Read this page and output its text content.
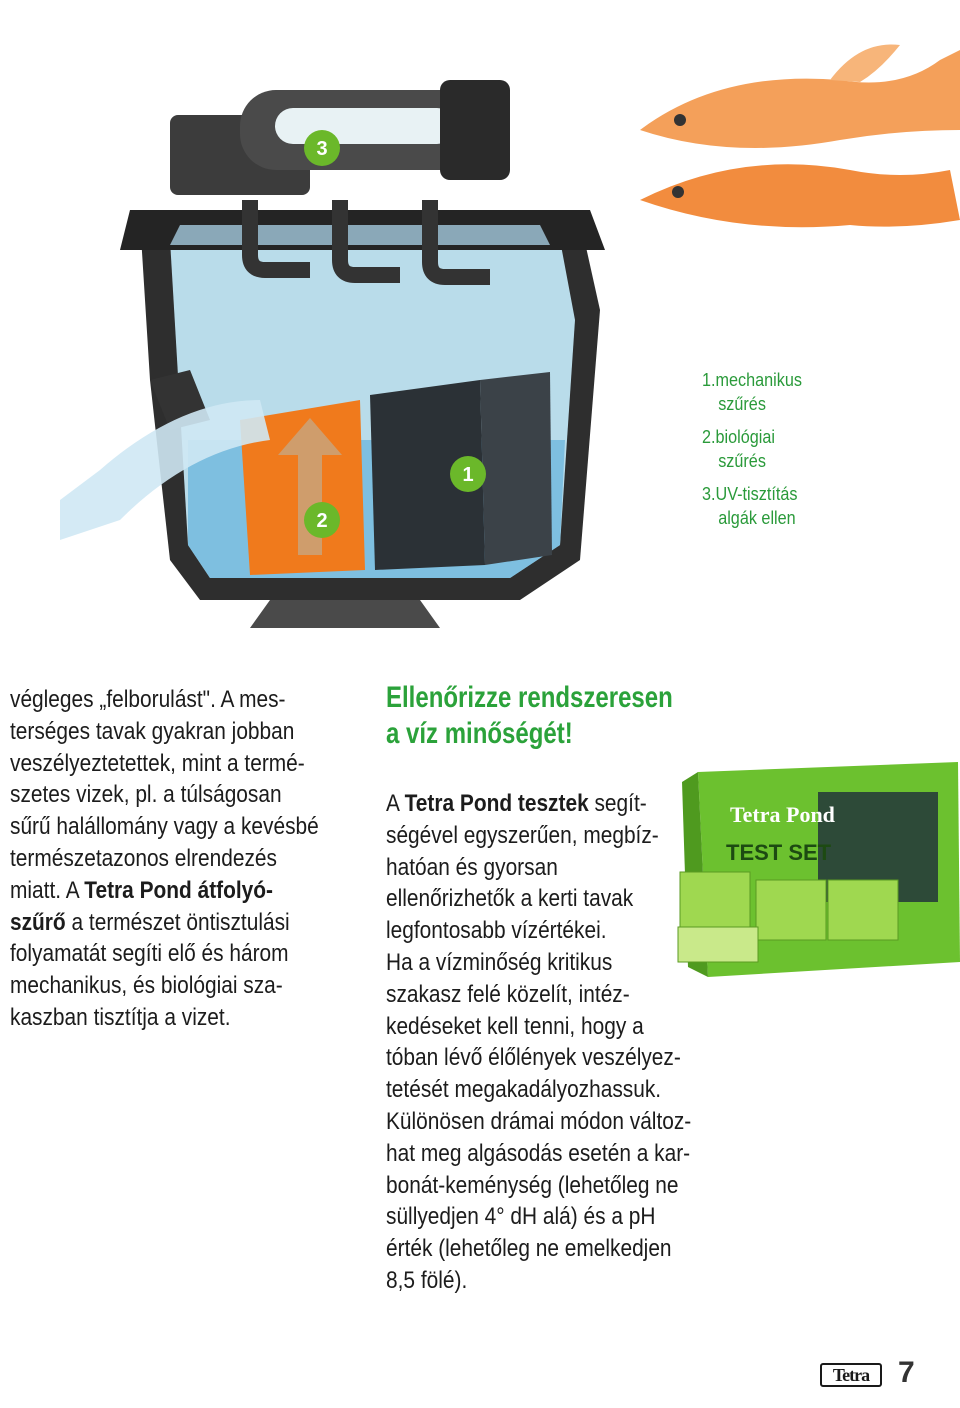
3
1
2
1.mechanikus
szűrés
2.biológiai
szűrés
3.UV-tisztítás
algák ellen
végleges „felborulást". A mes-
terséges tavak gyakran jobban
veszélyeztetettek, mint a termé-
szetes vizek, pl. a túlságosan
sűrű halállomány vagy a kevésbé
természetazonos elrendezés
miatt. A Tetra Pond átfolyó-
szűrő a természet öntisztulási
folyamatát segíti elő és három
mechanikus, és biológiai sza-
kaszban tisztítja a vizet.
Ellenőrizze rendszeresen
a víz minőségét!
A Tetra Pond tesztek segít-
ségével egyszerűen, megbíz-
hatóan és gyorsan
ellenőrizhetők a kerti tavak
legfontosabb vízértékei.
Ha a vízminőség kritikus
szakasz felé közelít, intéz-
kedéseket kell tenni, hogy a
tóban lévő élőlények veszélyez-
tetését megakadályozhassuk.
Különösen drámai módon változ-
hat meg algásodás esetén a kar-
bonát-keménység (lehetőleg ne
süllyedjen 4° dH alá) és a pH
érték (lehetőleg ne emelkedjen
8,5 fölé).
Tetra Pond
TEST SET
Tetra 7
